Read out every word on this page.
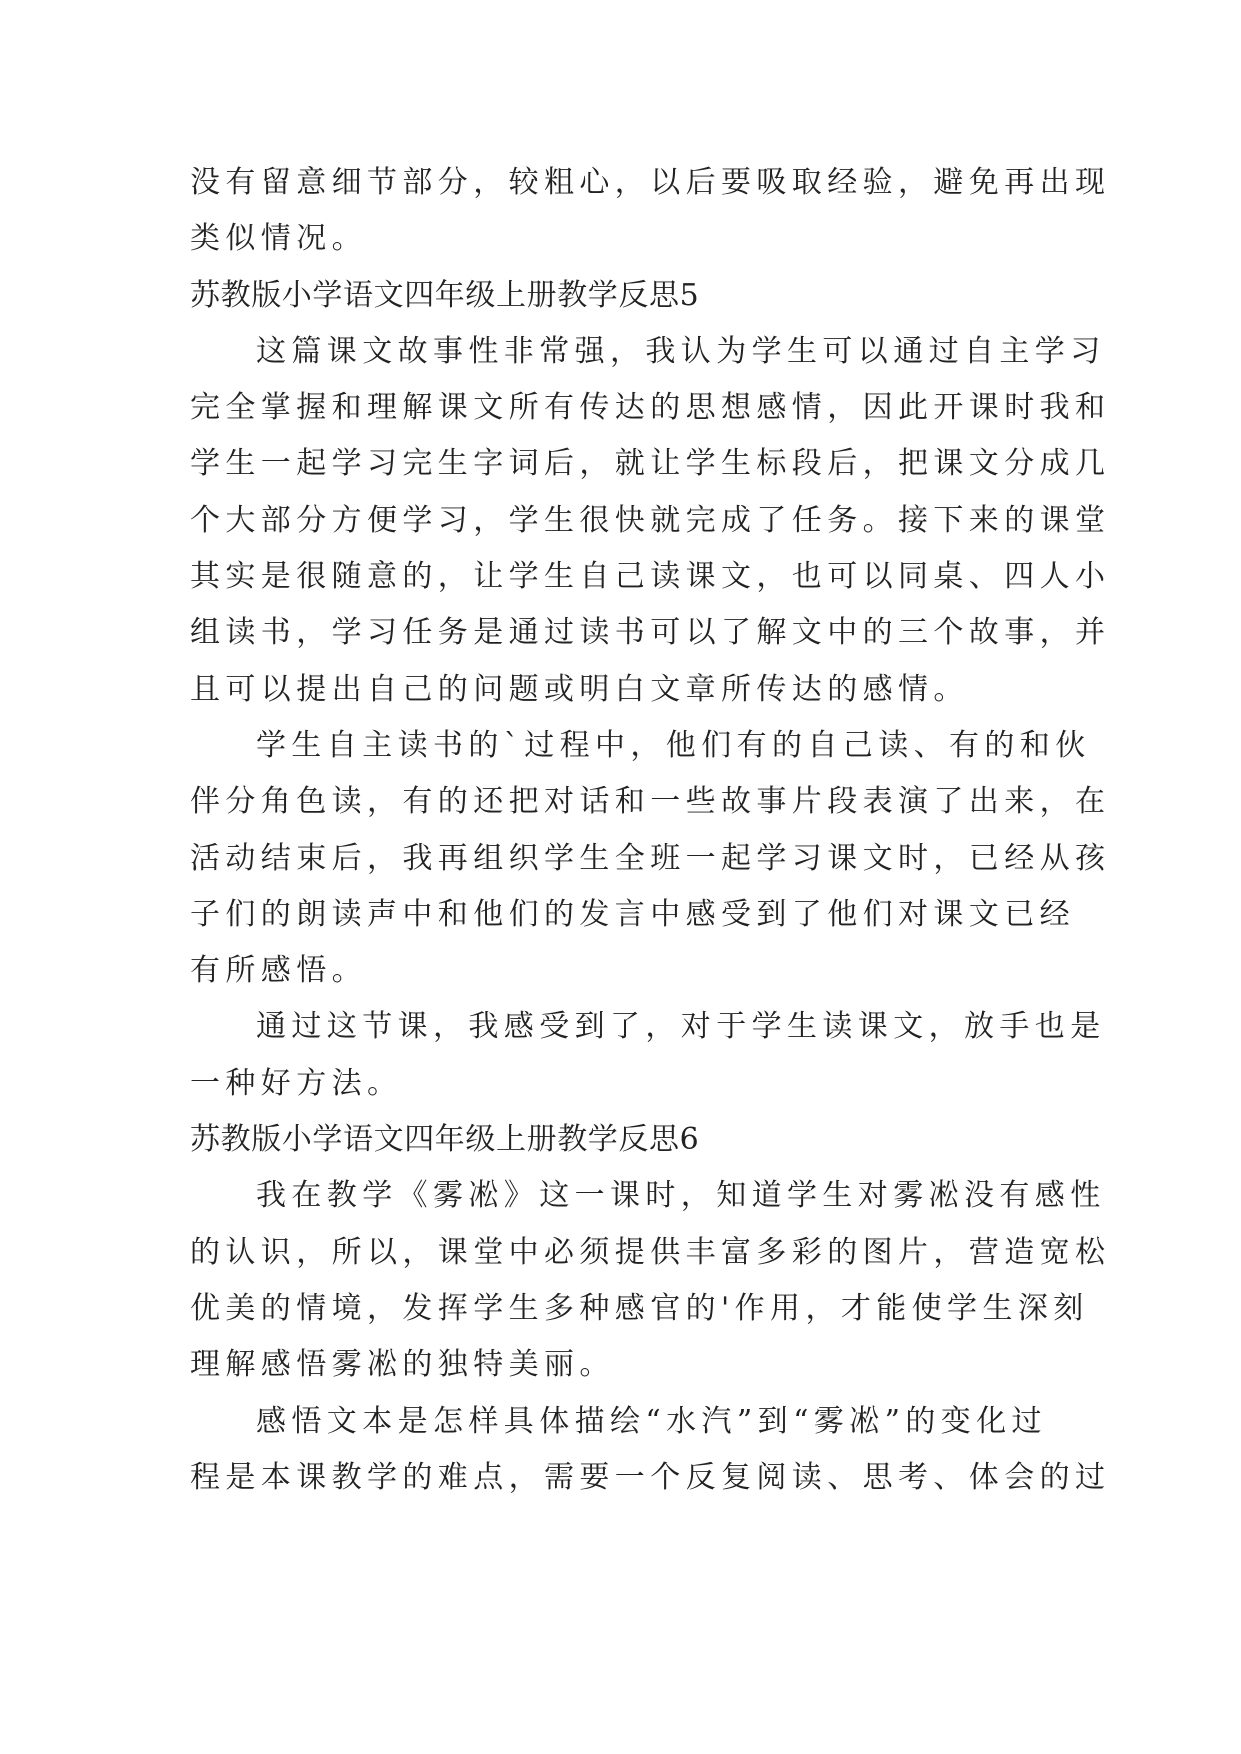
没有留意细节部分，较粗心，以后要吸取经验，避免再出现

类似情况。

苏教版小学语文四年级上册教学反思5

这篇课文故事性非常强，我认为学生可以通过自主学习

完全掌握和理解课文所有传达的思想感情，因此开课时我和

学生一起学习完生字词后，就让学生标段后，把课文分成几

个大部分方便学习，学生很快就完成了任务。接下来的课堂

其实是很随意的，让学生自己读课文，也可以同桌、四人小

组读书，学习任务是通过读书可以了解文中的三个故事，并

且可以提出自己的问题或明白文章所传达的感情。

学生自主读书的`过程中，他们有的自己读、有的和伙

伴分角色读，有的还把对话和一些故事片段表演了出来，在

活动结束后，我再组织学生全班一起学习课文时，已经从孩

子们的朗读声中和他们的发言中感受到了他们对课文已经

有所感悟。

通过这节课，我感受到了，对于学生读课文，放手也是

一种好方法。

苏教版小学语文四年级上册教学反思6

我在教学《雾凇》这一课时，知道学生对雾凇没有感性

的认识，所以，课堂中必须提供丰富多彩的图片，营造宽松

优美的情境，发挥学生多种感官的'作用，才能使学生深刻

理解感悟雾凇的独特美丽。

感悟文本是怎样具体描绘“水汽”到“雾凇”的变化过

程是本课教学的难点，需要一个反复阅读、思考、体会的过
